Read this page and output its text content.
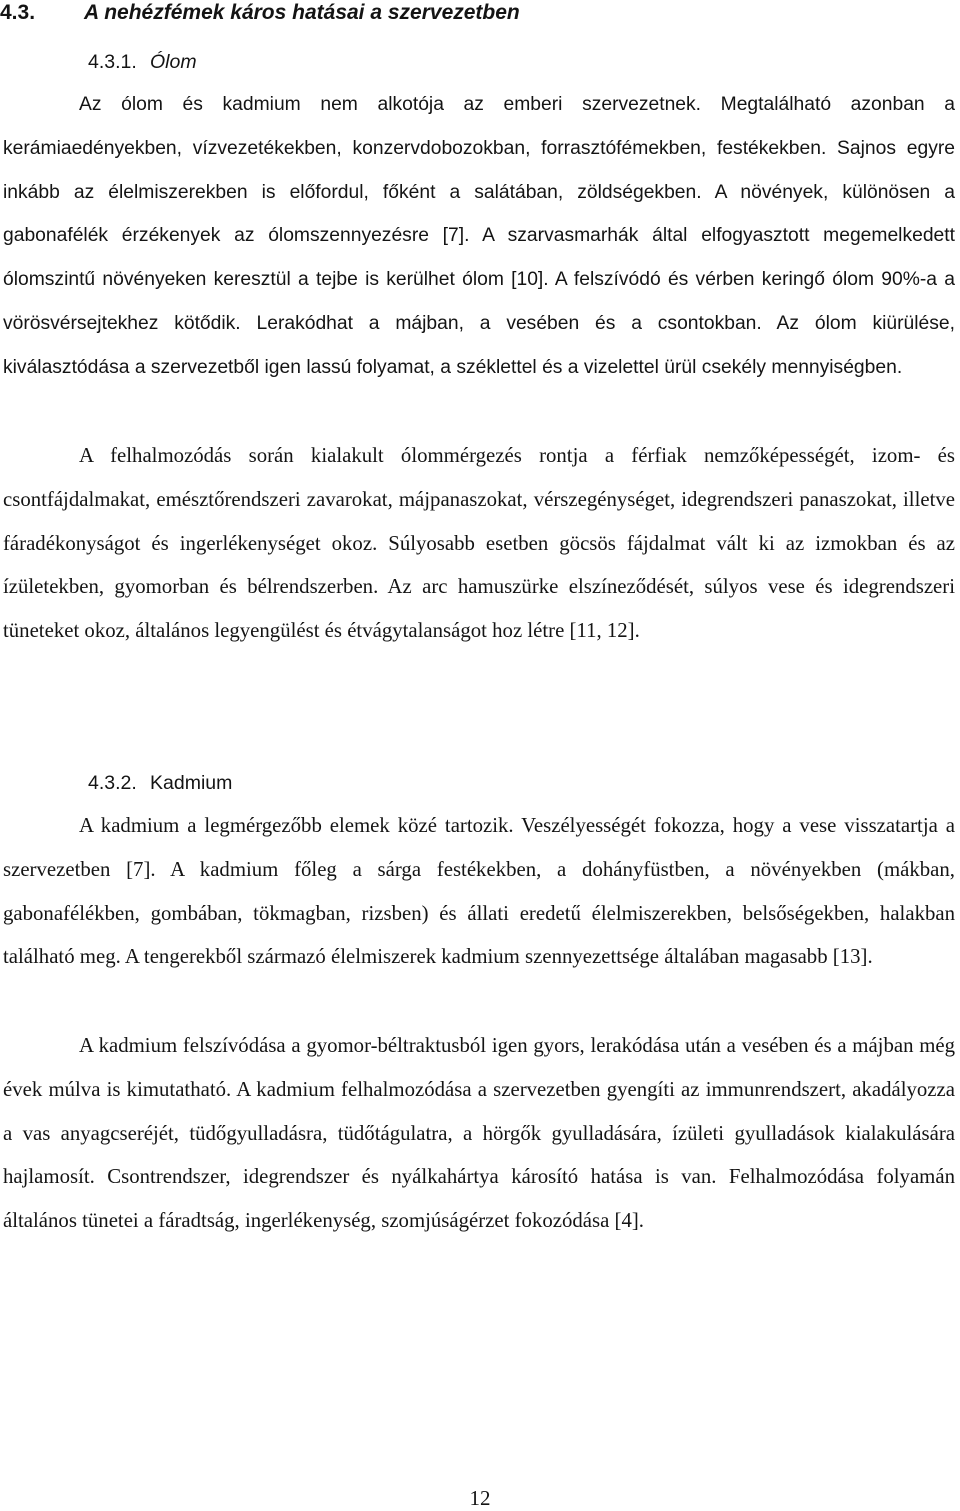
4.3. A nehézfémek káros hatásai a szervezetben
4.3.1. Ólom

Az ólom és kadmium nem alkotója az emberi szervezetnek. Megtalálható azonban a kerámiaedényekben, vízvezetékekben, konzervdobozokban, forrasztófémekben, festékekben. Sajnos egyre inkább az élelmiszerekben is előfordul, főként a salátában, zöldségekben. A növények, különösen a gabonafélék érzékenyek az ólomszennyezésre [7]. A szarvasmarhák által elfogyasztott megemelkedett ólomszintű növényeken keresztül a tejbe is kerülhet ólom [10]. A felszívódó és vérben keringő ólom 90%-a a vörösvérsejtekhez kötődik. Lerakódhat a májban, a vesében és a csontokban. Az ólom kiürülése, kiválasztódása a szervezetből igen lassú folyamat, a széklettel és a vizelettel ürül csekély mennyiségben.

A felhalmozódás során kialakult ólommérgezés rontja a férfiak nemzőképességét, izom- és csontfájdalmakat, emésztőrendszeri zavarokat, májpanaszokat, vérszegénységet, idegrendszeri panaszokat, illetve fáradékonyságot és ingerlékenységet okoz. Súlyosabb esetben göcsös fájdalmat vált ki az izmokban és az ízületekben, gyomorban és bélrendszerben. Az arc hamuszürke elszíneződését, súlyos vese és idegrendszeri tüneteket okoz, általános legyengülést és étvágytalanságot hoz létre [11, 12].

4.3.2. Kadmium

A kadmium a legmérgezőbb elemek közé tartozik. Veszélyességét fokozza, hogy a vese visszatartja a szervezetben [7]. A kadmium főleg a sárga festékekben, a dohányfüstben, a növényekben (mákban, gabonafélékben, gombában, tökmagban, rizsben) és állati eredetű élelmiszerekben, belsőségekben, halakban található meg. A tengerekből származó élelmiszerek kadmium szennyezettsége általában magasabb [13].

A kadmium felszívódása a gyomor-béltraktusból igen gyors, lerakódása után a vesében és a májban még évek múlva is kimutatható. A kadmium felhalmozódása a szervezetben gyengíti az immunrendszert, akadályozza a vas anyagcseréjét, tüdőgyulladásra, tüdőtágulatra, a hörgők gyulladására, ízületi gyulladások kialakulására hajlamosít. Csontrendszer, idegrendszer és nyálkahártya károsító hatása is van. Felhalmozódása folyamán általános tünetei a fáradtság, ingerlékenység, szomjúságérzet fokozódása [4].

12
